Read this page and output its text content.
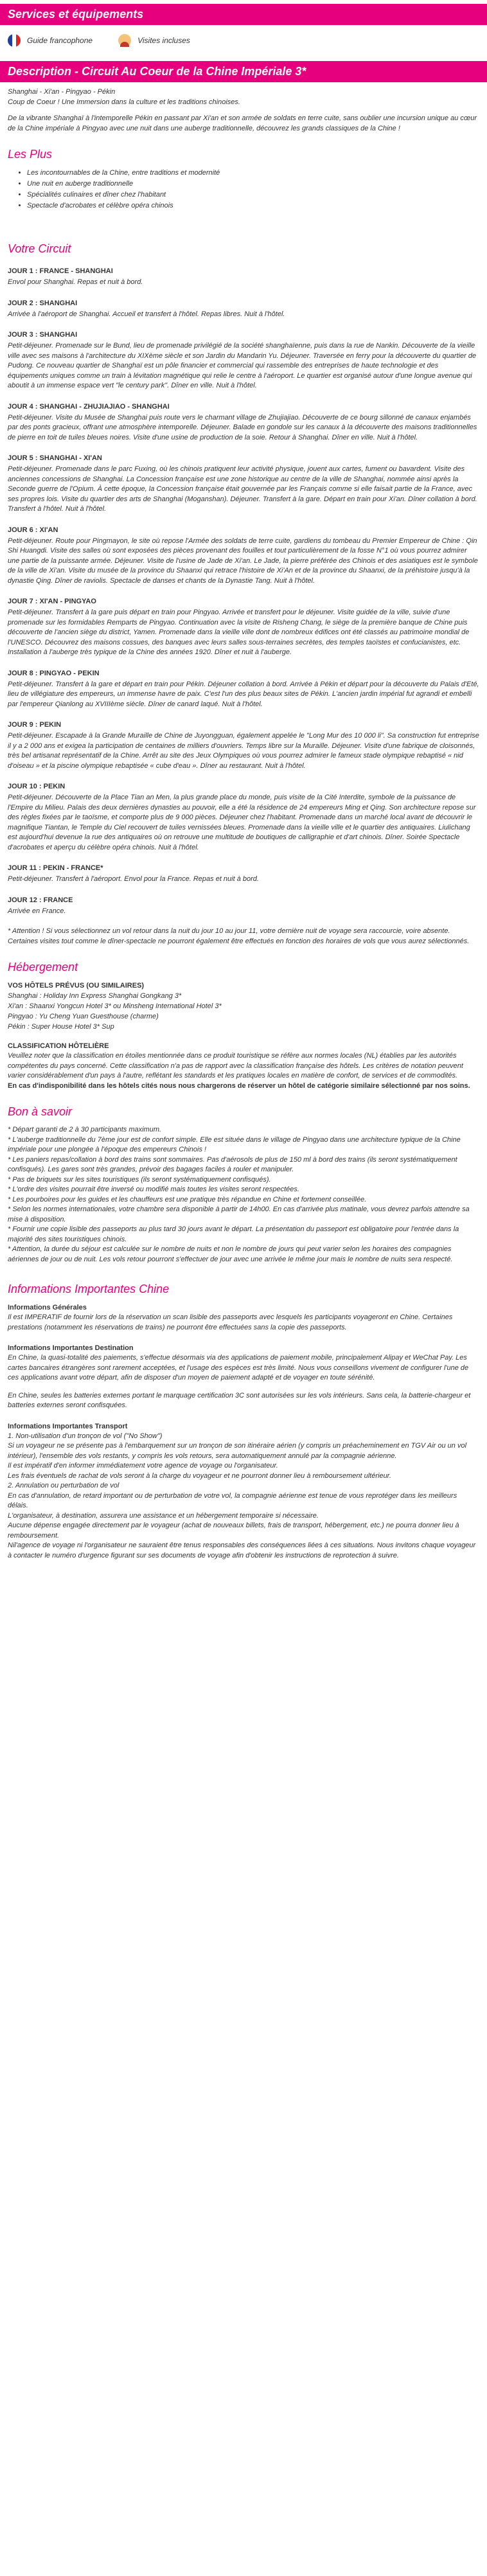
Services et équipements
Guide francophone	Visites incluses
Description - Circuit Au Coeur de la Chine Impériale 3*

Shanghai - Xi'an - Pingyao - Pékin

Coup de Coeur ! Une Immersion dans la culture et les traditions chinoises.

De la vibrante Shanghaï à l'intemporelle Pékin en passant par Xi'an et son armée de soldats en terre cuite, sans oublier une incursion unique au cœur de la Chine impériale à Pingyao avec une nuit dans une auberge traditionnelle, découvrez les grands classiques de la Chine !

Les Plus
• Les incontournables de la Chine, entre traditions et modernité
• Une nuit en auberge traditionnelle
• Spécialités culinaires et dîner chez l'habitant
• Spectacle d'acrobates et célèbre opéra chinois
Votre Circuit
JOUR 1 : FRANCE - SHANGHAI

Envol pour Shanghai. Repas et nuit à bord.

JOUR 2 : SHANGHAI

Arrivée à l'aéroport de Shanghai. Accueil et transfert à l'hôtel. Repas libres. Nuit à l'hôtel.

JOUR 3 : SHANGHAI

Petit-déjeuner. Promenade sur le Bund, lieu de promenade privilégié de la société shanghaïenne, puis dans la rue de Nankin. Découverte de la vieille ville avec ses maisons à l'architecture du XIXème siècle et son Jardin du Mandarin Yu. Déjeuner. Traversée en ferry pour la découverte du quartier de Pudong. Ce nouveau quartier de Shanghaï est un pôle financier et commercial qui rassemble des entreprises de haute technologie et des équipements uniques comme un train à lévitation magnétique qui relie le centre à l'aéroport. Le quartier est organisé autour d'une longue avenue qui aboutit à un immense espace vert "le century park". Dîner en ville. Nuit à l'hôtel.

JOUR 4 : SHANGHAI - ZHUJIAJIAO - SHANGHAI

Petit-déjeuner. Visite du Musée de Shanghai puis route vers le charmant village de Zhujiajiao. Découverte de ce bourg sillonné de canaux enjambés par des ponts gracieux, offrant une atmosphère intemporelle. Déjeuner. Balade en gondole sur les canaux à la découverte des maisons traditionnelles de pierre en toit de tuiles bleues noires. Visite d'une usine de production de la soie. Retour à Shanghai. Dîner en ville. Nuit à l'hôtel.

JOUR 5 : SHANGHAI - XI'AN

Petit-déjeuner. Promenade dans le parc Fuxing, où les chinois pratiquent leur activité physique, jouent aux cartes, fument ou bavardent. Visite des anciennes concessions de Shanghai. La Concession française est une zone historique au centre de la ville de Shanghai, nommée ainsi après la Seconde guerre de l'Opium. À cette époque, la Concession française était gouvernée par les Français comme si elle faisait partie de la France, avec ses propres lois. Visite du quartier des arts de Shanghai (Moganshan). Déjeuner. Transfert à la gare. Départ en train pour Xi'an. Dîner collation à bord. Transfert à l'hôtel. Nuit à l'hôtel.

JOUR 6 : XI'AN

Petit-déjeuner. Route pour Pingmayon, le site où repose l'Armée des soldats de terre cuite, gardiens du tombeau du Premier Empereur de Chine : Qin Shi Huangdi. Visite des salles où sont exposées des pièces provenant des fouilles et tout particulièrement de la fosse N°1 où vous pourrez admirer une partie de la puissante armée. Déjeuner. Visite de l'usine de Jade de Xi'an. Le Jade, la pierre préférée des Chinois et des asiatiques est le symbole de la ville de Xi'an. Visite du musée de la province du Shaanxi qui retrace l'histoire de Xi'An et de la province du Shaanxi, de la préhistoire jusqu'à la dynastie Qing. Dîner de raviolis. Spectacle de danses et chants de la Dynastie Tang. Nuit à l'hôtel.

JOUR 7 : XI'AN - PINGYAO

Petit-déjeuner. Transfert à la gare puis départ en train pour Pingyao. Arrivée et transfert pour le déjeuner. Visite guidée de la ville, suivie d'une promenade sur les formidables Remparts de Pingyao. Continuation avec la visite de Risheng Chang, le siège de la première banque de Chine puis découverte de l'ancien siège du district, Yamen. Promenade dans la vieille ville dont de nombreux édifices ont été classés au patrimoine mondial de l'UNESCO. Découvrez des maisons cossues, des banques avec leurs salles sous-terraines secrètes, des temples taoïstes et confucianistes, etc. Installation à l'auberge très typique de la Chine des années 1920. Dîner et nuit à l'auberge.

JOUR 8 : PINGYAO - PEKIN

Petit-déjeuner. Transfert à la gare et départ en train pour Pékin. Déjeuner collation à bord. Arrivée à Pékin et départ pour la découverte du Palais d'Eté, lieu de villégiature des empereurs, un immense havre de paix. C'est l'un des plus beaux sites de Pékin. L'ancien jardin impérial fut agrandi et embelli par l'empereur Qianlong au XVIIIème siècle. Dîner de canard laqué. Nuit à l'hôtel.

JOUR 9 : PEKIN

Petit-déjeuner. Escapade à la Grande Muraille de Chine de Juyongguan, également appelée le "Long Mur des 10 000 li". Sa construction fut entreprise il y a 2 000 ans et exigea la participation de centaines de milliers d'ouvriers. Temps libre sur la Muraille. Déjeuner. Visite d'une fabrique de cloisonnés, très bel artisanat représentatif de la Chine. Arrêt au site des Jeux Olympiques où vous pourrez admirer le fameux stade olympique rebaptisé « nid d'oiseau » et la piscine olympique rebaptisée « cube d'eau ». Dîner au restaurant. Nuit à l'hôtel.

JOUR 10 : PEKIN

Petit-déjeuner. Découverte de la Place Tian an Men, la plus grande place du monde, puis visite de la Cité Interdite, symbole de la puissance de l'Empire du Milieu. Palais des deux dernières dynasties au pouvoir, elle a été la résidence de 24 empereurs Ming et Qing. Son architecture repose sur des règles fixées par le taoïsme, et comporte plus de 9 000 pièces. Déjeuner chez l'habitant. Promenade dans un marché local avant de découvrir le magnifique Tiantan, le Temple du Ciel recouvert de tuiles vernissées bleues. Promenade dans la vieille ville et le quartier des antiquaires. Liulichang est aujourd'hui devenue la rue des antiquaires où on retrouve une multitude de boutiques de calligraphie et d'art chinois. Dîner. Soirée Spectacle d'acrobates et aperçu du célèbre opéra chinois. Nuit à l'hôtel.

JOUR 11 : PEKIN - FRANCE*

Petit-déjeuner. Transfert à l'aéroport. Envol pour la France. Repas et nuit à bord.

JOUR 12 : FRANCE

Arrivée en France.

* Attention ! Si vous sélectionnez un vol retour dans la nuit du jour 10 au jour 11, votre dernière nuit de voyage sera raccourcie, voire absente. Certaines visites tout comme le dîner-spectacle ne pourront également être effectués en fonction des horaires de vols que vous aurez sélectionnés.

Hébergement
VOS HÔTELS PRÉVUS (OU SIMILAIRES)

Shanghai : Holiday Inn Express Shanghai Gongkang 3*

Xi'an : Shaanxi Yongcun Hotel 3* ou Minsheng International Hotel 3*

Pingyao : Yu Cheng Yuan Guesthouse (charme)

Pékin : Super House Hotel 3* Sup

CLASSIFICATION HÔTELIÈRE

Veuillez noter que la classification en étoiles mentionnée dans ce produit touristique se réfère aux normes locales (NL) établies par les autorités compétentes du pays concerné. Cette classification n'a pas de rapport avec la classification française des hôtels. Les critères de notation peuvent varier considérablement d'un pays à l'autre, reflétant les standards et les pratiques locales en matière de confort, de services et de commodités.

En cas d'indisponibilité dans les hôtels cités nous nous chargerons de réserver un hôtel de catégorie similaire sélectionné par nos soins.

Bon à savoir

* Départ garanti de 2 à 30 participants maximum.

* L'auberge traditionnelle du 7ème jour est de confort simple. Elle est située dans le village de Pingyao dans une architecture typique de la Chine impériale pour une plongée à l'époque des empereurs Chinois !

* Les paniers repas/collation à bord des trains sont sommaires. Pas d'aérosols de plus de 150 ml à bord des trains (ils seront systématiquement confisqués). Les gares sont très grandes, prévoir des bagages faciles à rouler et manipuler.

* Pas de briquets sur les sites touristiques (ils seront systématiquement confisqués).

* L'ordre des visites pourrait être inversé ou modifié mais toutes les visites seront respectées.

* Les pourboires pour les guides et les chauffeurs est une pratique très répandue en Chine et fortement conseillée.

* Selon les normes internationales, votre chambre sera disponible à partir de 14h00. En cas d'arrivée plus matinale, vous devrez parfois attendre sa mise à disposition.

* Fournir une copie lisible des passeports au plus tard 30 jours avant le départ. La présentation du passeport est obligatoire pour l'entrée dans la majorité des sites touristiques chinois.

* Attention, la durée du séjour est calculée sur le nombre de nuits et non le nombre de jours qui peut varier selon les horaires des compagnies aériennes de jour ou de nuit. Les vols retour pourront s'effectuer de jour avec une arrivée le même jour mais le nombre de nuits sera respecté.

Informations Importantes Chine
Informations Générales

Il est IMPERATIF de fournir lors de la réservation un scan lisible des passeports avec lesquels les participants voyageront en Chine. Certaines prestations (notamment les réservations de trains) ne pourront être effectuées sans la copie des passeports.

Informations Importantes Destination

En Chine, la quasi-totalité des paiements, s'effectue désormais via des applications de paiement mobile, principalement Alipay et WeChat Pay. Les cartes bancaires étrangères sont rarement acceptées, et l'usage des espèces est très limité. Nous vous conseillons vivement de configurer l'une de ces applications avant votre départ, afin de disposer d'un moyen de paiement adapté et de voyager en toute sérénité.

En Chine, seules les batteries externes portant le marquage certification 3C sont autorisées sur les vols intérieurs. Sans cela, la batterie-chargeur et batteries externes seront confisquées.

Informations Importantes Transport

1. Non-utilisation d'un tronçon de vol ("No Show")

Si un voyageur ne se présente pas à l'embarquement sur un tronçon de son itinéraire aérien (y compris un préacheminement en TGV Air ou un vol intérieur), l'ensemble des vols restants, y compris les vols retours, sera automatiquement annulé par la compagnie aérienne.

Il est impératif d'en informer immédiatement votre agence de voyage ou l'organisateur.

Les frais éventuels de rachat de vols seront à la charge du voyageur et ne pourront donner lieu à remboursement ultérieur.

2. Annulation ou perturbation de vol

En cas d'annulation, de retard important ou de perturbation de votre vol, la compagnie aérienne est tenue de vous reprotéger dans les meilleurs délais.

L'organisateur, à destination, assurera une assistance et un hébergement temporaire si nécessaire.

Aucune dépense engagée directement par le voyageur (achat de nouveaux billets, frais de transport, hébergement, etc.) ne pourra donner lieu à remboursement.

Nil'agence de voyage ni l'organisateur ne sauraient être tenus responsables des conséquences liées à ces situations. Nous invitons chaque voyageur à contacter le numéro d'urgence figurant sur ses documents de voyage afin d'obtenir les instructions de reprotection à suivre.
